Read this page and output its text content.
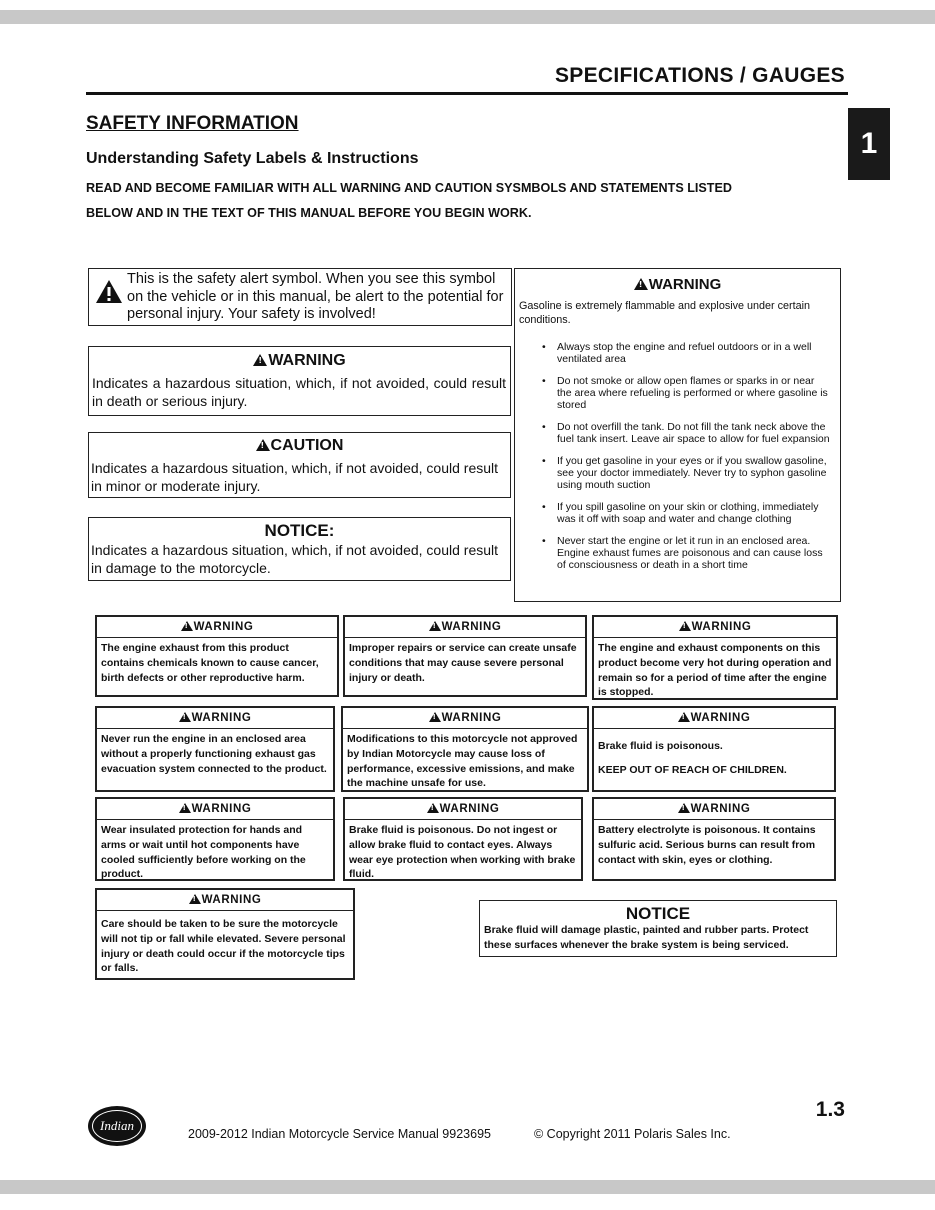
SPECIFICATIONS / GAUGES
1
SAFETY INFORMATION
Understanding Safety Labels & Instructions
READ AND BECOME FAMILIAR WITH ALL WARNING AND CAUTION SYSMBOLS AND STATEMENTS LISTED
BELOW AND IN THE TEXT OF THIS MANUAL BEFORE YOU BEGIN WORK.
This is the safety alert symbol. When you see this symbol on the vehicle or in this manual, be alert to the potential for personal injury. Your safety is involved!
!WARNING
Indicates a hazardous situation, which, if not avoided, could result in death or serious injury.
!CAUTION
Indicates a hazardous situation, which, if not avoided, could result in minor or moderate injury.
NOTICE:
Indicates a hazardous situation, which, if not avoided, could result in damage to the motorcycle.
!WARNING
Gasoline is extremely flammable and explosive under certain conditions.
• Always stop the engine and refuel outdoors or in a well ventilated area
• Do not smoke or allow open flames or sparks in or near the area where refueling is performed or where gasoline is stored
• Do not overfill the tank. Do not fill the tank neck above the fuel tank insert. Leave air space to allow for fuel expansion
• If you get gasoline in your eyes or if you swallow gasoline, see your doctor immediately. Never try to syphon gasoline using mouth suction
• If you spill gasoline on your skin or clothing, immediately was it off with soap and water and change clothing
• Never start the engine or let it run in an enclosed area. Engine exhaust fumes are poisonous and can cause loss of consciousness or death in a short time
!WARNING
The engine exhaust from this product contains chemicals known to cause cancer, birth defects or other reproductive harm.
!WARNING
Improper repairs or service can create unsafe conditions that may cause severe personal injury or death.
!WARNING
The engine and exhaust components on this product become very hot during operation and remain so for a period of time after the engine is stopped.
!WARNING
Never run the engine in an enclosed area without a properly functioning exhaust gas evacuation system connected to the product.
!WARNING
Modifications to this motorcycle not approved by Indian Motorcycle may cause loss of performance, excessive emissions, and make the machine unsafe for use.
!WARNING
Brake fluid is poisonous.
KEEP OUT OF REACH OF CHILDREN.
!WARNING
Wear insulated protection for hands and arms or wait until hot components have cooled sufficiently before working on the product.
!WARNING
Brake fluid is poisonous. Do not ingest or allow brake fluid to contact eyes. Always wear eye protection when working with brake fluid.
!WARNING
Battery electrolyte is poisonous. It contains sulfuric acid. Serious burns can result from contact with skin, eyes or clothing.
!WARNING
Care should be taken to be sure the motorcycle will not tip or fall while elevated. Severe personal injury or death could occur if the motorcycle tips or falls.
NOTICE
Brake fluid will damage plastic, painted and rubber parts. Protect these surfaces whenever the brake system is being serviced.
Indian
1.3
2009-2012 Indian Motorcycle Service Manual 9923695	© Copyright 2011 Polaris Sales Inc.
